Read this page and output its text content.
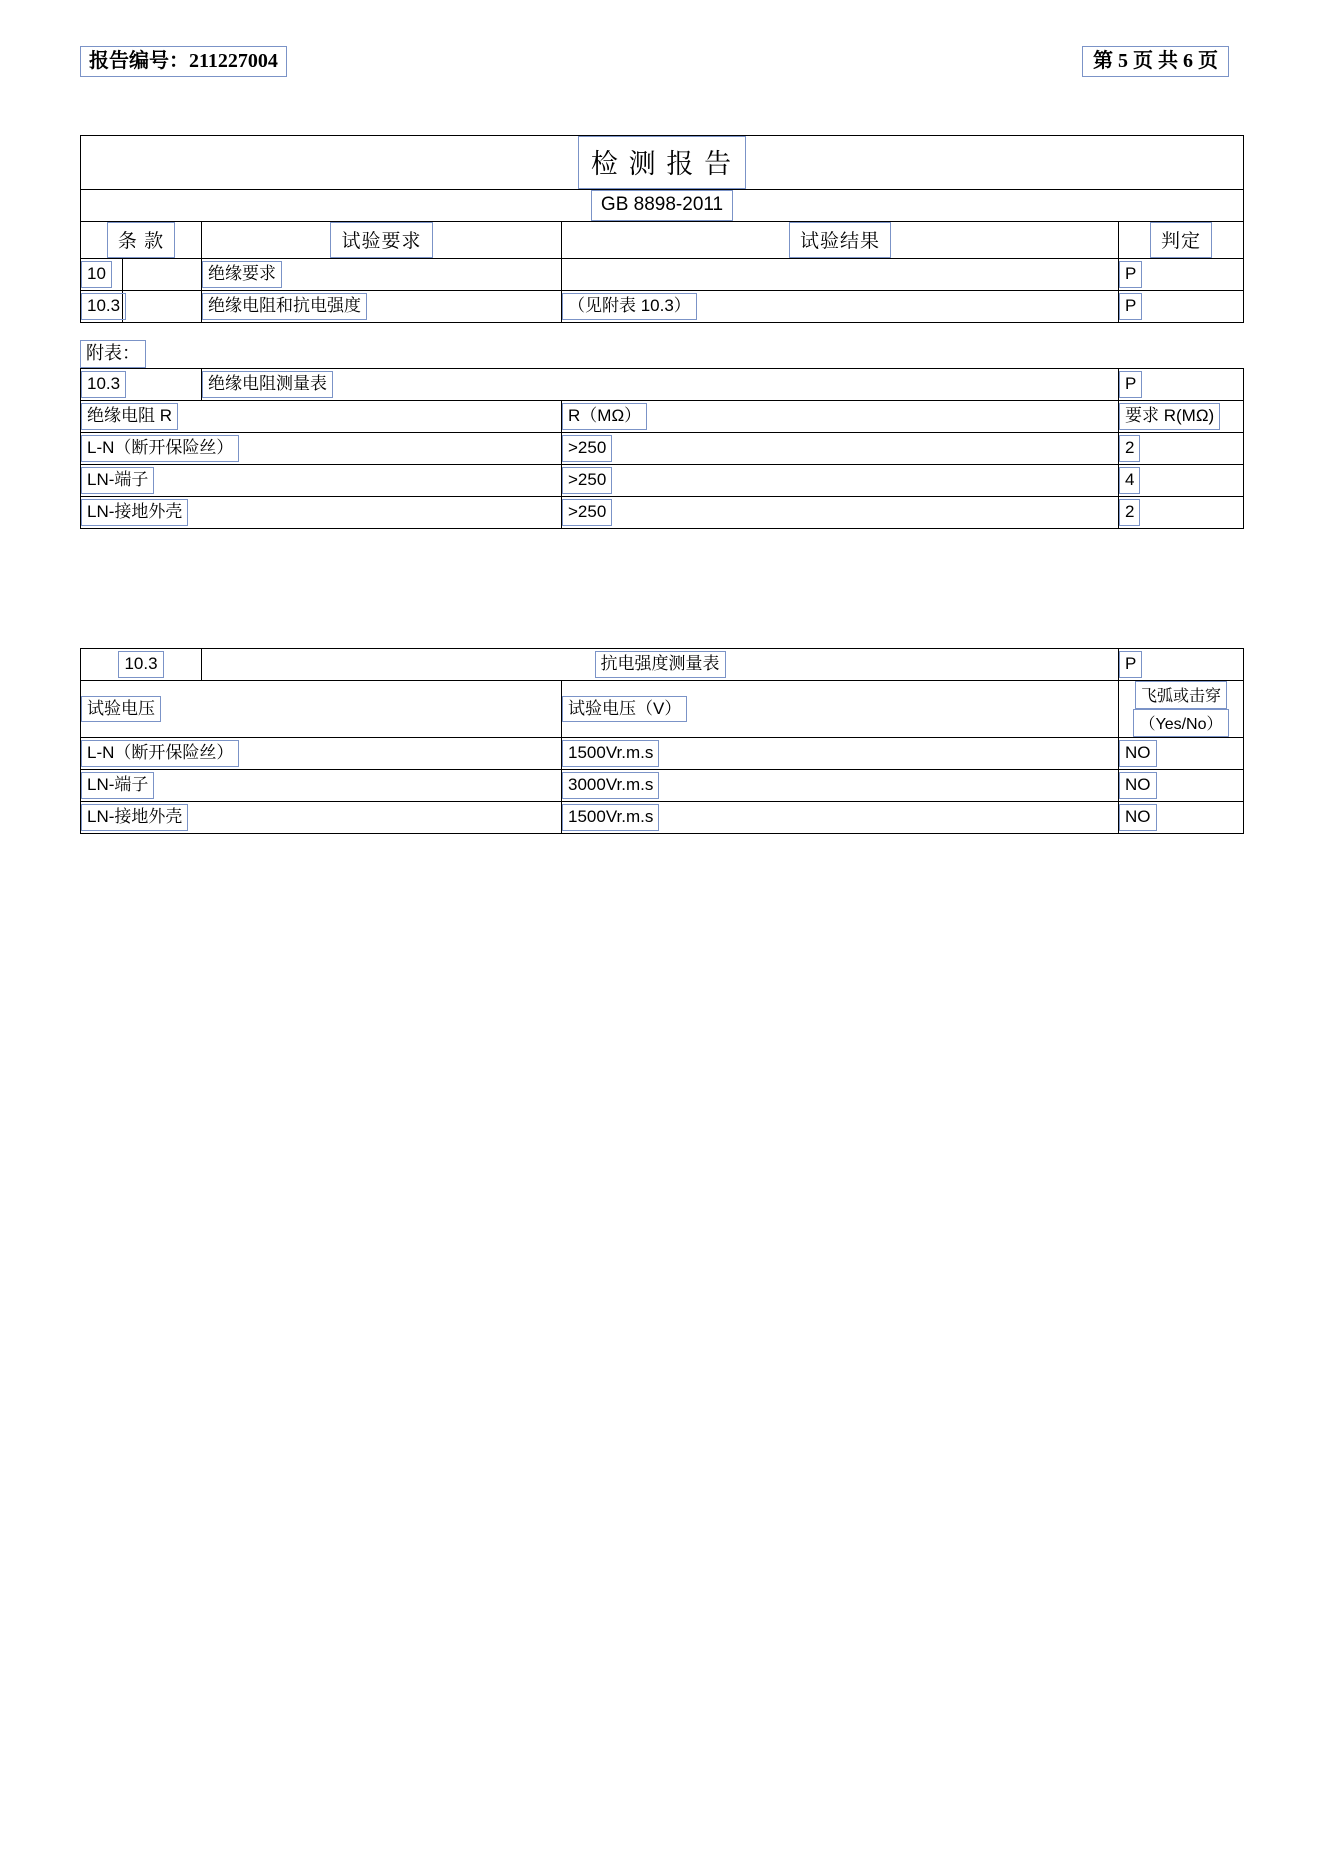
报告编号：211227004	第 5 页 共 6 页
检 测 报 告				
GB 8898-2011				
条 款		试验要求	试验结果	判定
10		绝缘要求		P
10.3		绝缘电阻和抗电强度	（见附表 10.3）	P
附表：
10.3	绝缘电阻测量表		P
绝缘电阻 R		R（MΩ）	要求 R(MΩ)
L-N（断开保险丝）		>250	2
LN-端子		>250	4
LN-接地外壳		>250	2
10.3	抗电强度测量表		P
试验电压		试验电压（V）	飞弧或击穿
（Yes/No）

L-N（断开保险丝）		1500Vr.m.s	NO
LN-端子		3000Vr.m.s	NO
LN-接地外壳		1500Vr.m.s	NO
